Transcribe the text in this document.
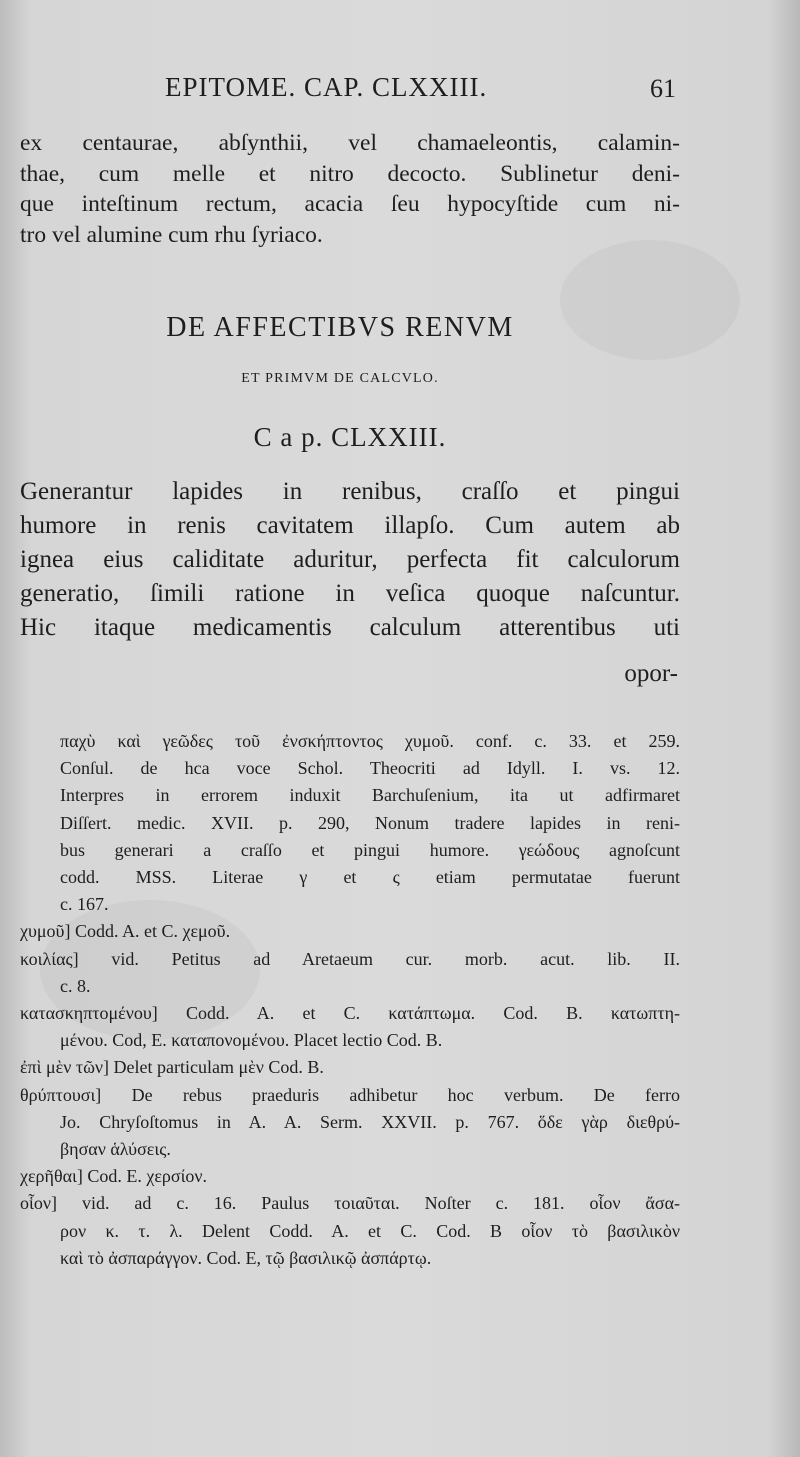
EPITOME. CAP. CLXXIII.	61
ex centaurae, abſynthii, vel chamaeleontis, calamin-
thae, cum melle et nitro decocto. Sublinetur deni-
que inteſtinum rectum, acacia ſeu hypocyſtide cum ni-
tro vel alumine cum rhu ſyriaco.
DE AFFECTIBVS RENVM
ET PRIMVM DE CALCVLO.
C a p. CLXXIII.
Generantur lapides in renibus, craſſo et pingui
humore in renis cavitatem illapſo. Cum autem ab
ignea eius caliditate aduritur, perfecta fit calculorum
generatio, ſimili ratione in veſica quoque naſcuntur.
Hic itaque medicamentis calculum atterentibus uti
opor-
παχὺ καὶ γεῶδες τοῦ ἐνσκήπτοντος χυμοῦ. conf. c. 33. et 259.
Conſul. de hca voce Schol. Theocriti ad Idyll. I. vs. 12.
Interpres in errorem induxit Barchuſenium, ita ut adfirmaret
Diſſert. medic. XVII. p. 290, Nonum tradere lapides in reni-
bus generari a craſſo et pingui humore. γεώδους agnoſcunt
codd. MSS. Literae γ et ς etiam permutatae fuerunt
c. 167.
χυμοῦ] Codd. A. et C. χεμοῦ.
κοιλίας] vid. Petitus ad Aretaeum cur. morb. acut. lib. II.
c. 8.
κατασκηπτομένου] Codd. A. et C. κατάπτωμα. Cod. B. κατωπτη-
μένου. Cod, E. καταπονομένου. Placet lectio Cod. B.
ἐπὶ μὲν τῶν] Delet particulam μὲν Cod. B.
θρύπτουσι] De rebus praeduris adhibetur hoc verbum. De ferro
Jo. Chryſoſtomus in A. A. Serm. XXVII. p. 767. ὅδε γὰρ διεθρύ-
βησαν ἁλύσεις.
χερῆθαι] Cod. E. χερσίον.
οἷον] vid. ad c. 16. Paulus τοιαῦται. Noſter c. 181. οἷον ἄσα-
ρον κ. τ. λ. Delent Codd. A. et C. Cod. B οἷον τὸ βασιλικὸν
καὶ τὸ ἀσπαράγγον. Cod. E, τῷ βασιλικῷ ἀσπάρτῳ.
